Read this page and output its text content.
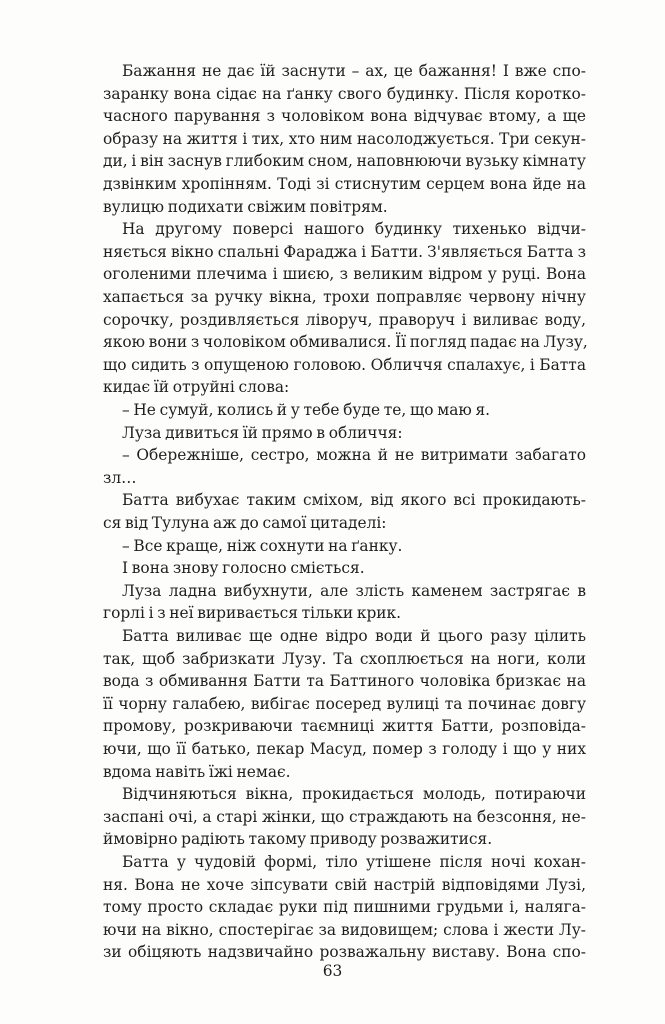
Бажання не дає їй заснути – ах, це бажання! І вже спо-

заранку вона сідає на ґанку свого будинку. Після коротко-

часного парування з чоловіком вона відчуває втому, а ще

образу на життя і тих, хто ним насолоджується. Три секун-

ди, і він заснув глибоким сном, наповнюючи вузьку кімнату

дзвінким хропінням. Тоді зі стиснутим серцем вона йде на

вулицю подихати свіжим повітрям.

На другому поверсі нашого будинку тихенько відчи-

няється вікно спальні Фараджа і Батти. З'являється Батта з

оголеними плечима і шиєю, з великим відром у руці. Вона

хапається за ручку вікна, трохи поправляє червону нічну

сорочку, роздивляється ліворуч, праворуч і виливає воду,

якою вони з чоловіком обмивалися. Її погляд падає на Лузу,

що сидить з опущеною головою. Обличчя спалахує, і Батта

кидає їй отруйні слова:

– Не сумуй, колись й у тебе буде те, що маю я.

Луза дивиться їй прямо в обличчя:

– Обережніше, сестро, можна й не витримати забагато

зл…

Батта вибухає таким сміхом, від якого всі прокидають-

ся від Тулуна аж до самої цитаделі:

– Все краще, ніж сохнути на ґанку.

І вона знову голосно сміється.

Луза ладна вибухнути, але злість каменем застрягає в

горлі і з неї виривається тільки крик.

Батта виливає ще одне відро води й цього разу цілить

так, щоб забризкати Лузу. Та схоплюється на ноги, коли

вода з обмивання Батти та Баттиного чоловіка бризкає на

її чорну галабею, вибігає посеред вулиці та починає довгу

промову, розкриваючи таємниці життя Батти, розповіда-

ючи, що її батько, пекар Масуд, помер з голоду і що у них

вдома навіть їжі немає.

Відчиняються вікна, прокидається молодь, потираючи

заспані очі, а старі жінки, що страждають на безсоння, не-

ймовірно радіють такому приводу розважитися.

Батта у чудовій формі, тіло утішене після ночі кохан-

ня. Вона не хоче зіпсувати свій настрій відповідями Лузі,

тому просто складає руки під пишними грудьми і, наляга-

ючи на вікно, спостерігає за видовищем; слова і жести Лу-

зи обіцяють надзвичайно розважальну виставу. Вона спо-

63
